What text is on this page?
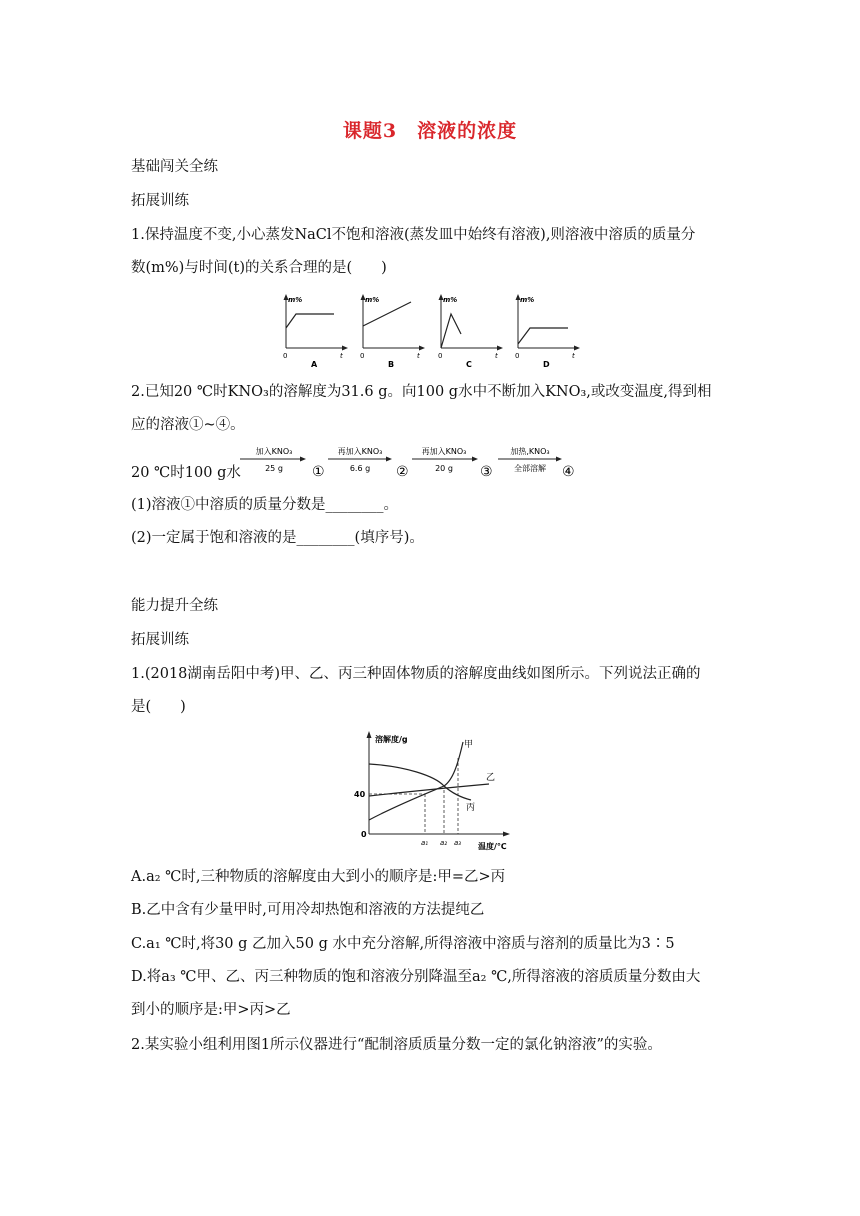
课题3　溶液的浓度
基础闯关全练
拓展训练
1.保持温度不变,小心蒸发NaCl不饱和溶液(蒸发皿中始终有溶液),则溶液中溶质的质量分
数(m%)与时间(t)的关系合理的是(　　)
m%
t
0
A
m%
t
0
B
m%
t
0
C
m%
t
0
D
2.已知20 ℃时KNO₃的溶解度为31.6 g。向100 g水中不断加入KNO₃,或改变温度,得到相
应的溶液①~④。
20 ℃时100 g水
加入KNO₃
25 g ①
再加入KNO₃
6.6 g ②
再加入KNO₃
20 g ③
加热,KNO₃
全部溶解 ④
(1)溶液①中溶质的质量分数是________。
(2)一定属于饱和溶液的是________(填序号)。
能力提升全练
拓展训练
1.(2018湖南岳阳中考)甲、乙、丙三种固体物质的溶解度曲线如图所示。下列说法正确的
是(　　)
溶解度/g
温度/℃
40
0
甲
乙
丙
a₁ a₂ a₃
A.a₂ ℃时,三种物质的溶解度由大到小的顺序是:甲=乙>丙
B.乙中含有少量甲时,可用冷却热饱和溶液的方法提纯乙
C.a₁ ℃时,将30 g 乙加入50 g 水中充分溶解,所得溶液中溶质与溶剂的质量比为3∶5
D.将a₃ ℃甲、乙、丙三种物质的饱和溶液分别降温至a₂ ℃,所得溶液的溶质质量分数由大
到小的顺序是:甲>丙>乙
2.某实验小组利用图1所示仪器进行“配制溶质质量分数一定的氯化钠溶液”的实验。
